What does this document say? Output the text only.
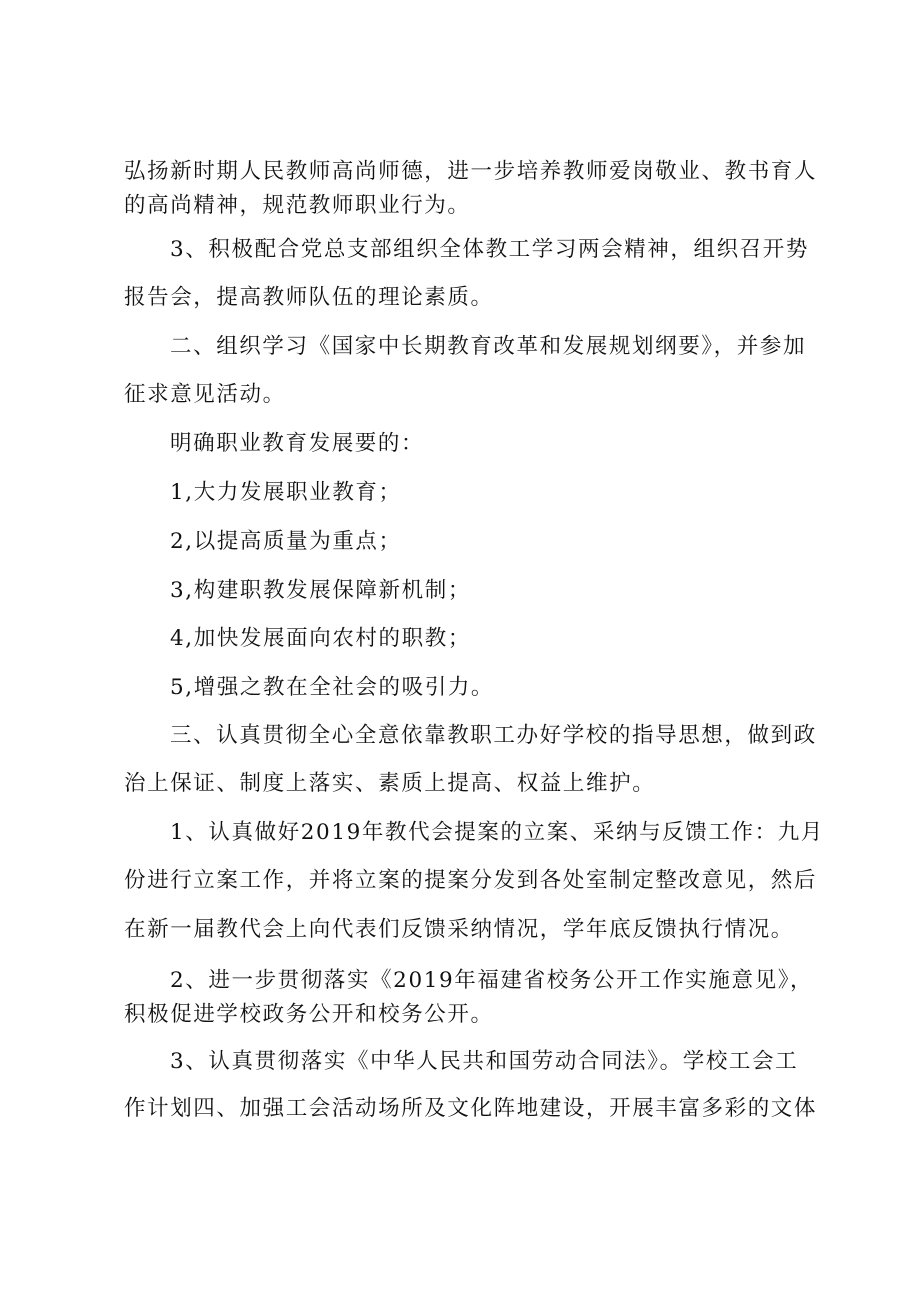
弘扬新时期人民教师高尚师德，进一步培养教师爱岗敬业、教书育人
的高尚精神，规范教师职业行为。
3、积极配合党总支部组织全体教工学习两会精神，组织召开势
报告会，提高教师队伍的理论素质。
二、组织学习《国家中长期教育改革和发展规划纲要》，并参加
征求意见活动。
明确职业教育发展要的：
1,大力发展职业教育；
2,以提高质量为重点；
3,构建职教发展保障新机制；
4,加快发展面向农村的职教；
5,增强之教在全社会的吸引力。
三、认真贯彻全心全意依靠教职工办好学校的指导思想，做到政
治上保证、制度上落实、素质上提高、权益上维护。
1、认真做好2019年教代会提案的立案、采纳与反馈工作：九月
份进行立案工作，并将立案的提案分发到各处室制定整改意见，然后
在新一届教代会上向代表们反馈采纳情况，学年底反馈执行情况。
2、进一步贯彻落实《2019年福建省校务公开工作实施意见》，
积极促进学校政务公开和校务公开。
3、认真贯彻落实《中华人民共和国劳动合同法》。学校工会工
作计划四、加强工会活动场所及文化阵地建设，开展丰富多彩的文体
